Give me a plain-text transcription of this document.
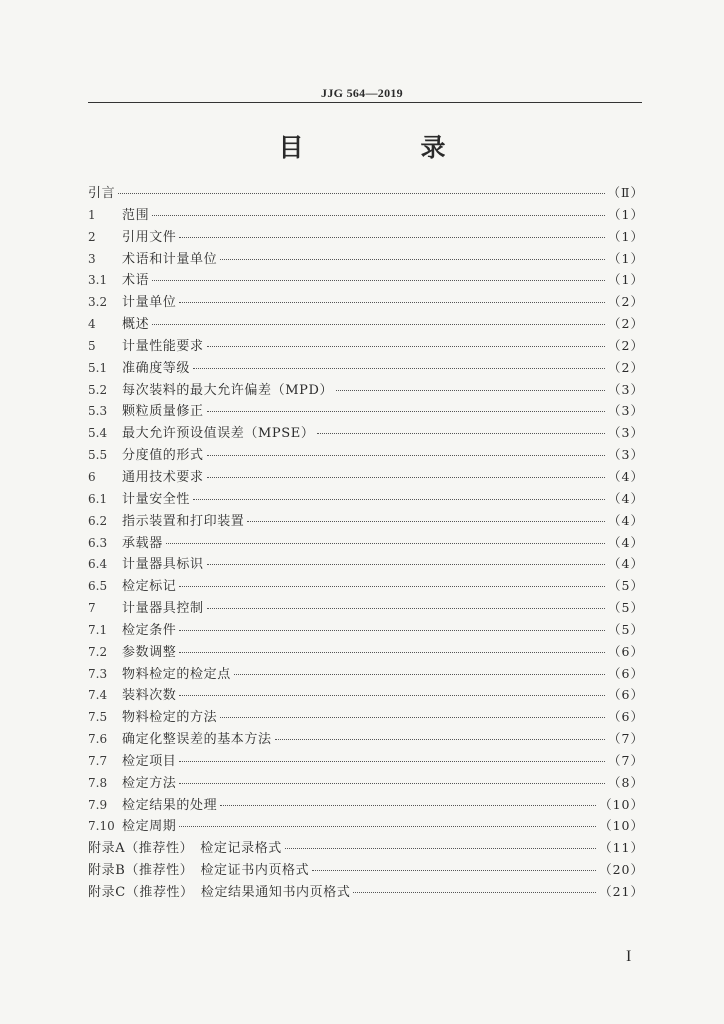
JJG 564—2019
目　录
引言	（Ⅱ）
1	范围	（1）
2	引用文件	（1）
3	术语和计量单位	（1）
3.1	术语	（1）
3.2	计量单位	（2）
4	概述	（2）
5	计量性能要求	（2）
5.1	准确度等级	（2）
5.2	每次装料的最大允许偏差（MPD）	（3）
5.3	颗粒质量修正	（3）
5.4	最大允许预设值误差（MPSE）	（3）
5.5	分度值的形式	（3）
6	通用技术要求	（4）
6.1	计量安全性	（4）
6.2	指示装置和打印装置	（4）
6.3	承载器	（4）
6.4	计量器具标识	（4）
6.5	检定标记	（5）
7	计量器具控制	（5）
7.1	检定条件	（5）
7.2	参数调整	（6）
7.3	物料检定的检定点	（6）
7.4	装料次数	（6）
7.5	物料检定的方法	（6）
7.6	确定化整误差的基本方法	（7）
7.7	检定项目	（7）
7.8	检定方法	（8）
7.9	检定结果的处理	（10）
7.10 检定周期	（10）
附录A（推荐性）　检定记录格式	（11）
附录B（推荐性）　检定证书内页格式	（20）
附录C（推荐性）　检定结果通知书内页格式	（21）
I
